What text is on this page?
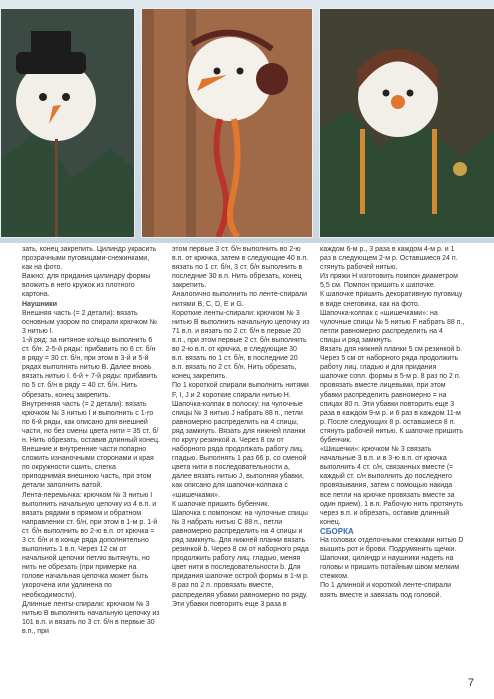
зать, конец закрепить. Цилиндр украсить прозрачными пуговицами-снежинками, как на фото.

Важно: для придания цилиндру формы вложить в него кружок из плотного картона.

Наушники

Внешняя часть (= 2 детали): вязать основным узором по спирали крючком № 3 нитью I.

1-й ряд: за нитяное кольцо выполнить 6 ст. б/н. 2-5-й ряды: прибавить по 6 ст. б/н в ряду = 30 ст. б/н, при этом в 3-й и 5-й рядах выполнять нитью B. Далее вновь вязать нитью I. 6-й + 7-й ряды: прибавить по 5 ст. б/н в ряду = 40 ст. б/н. Нить обрезать, конец закрепить.

Внутренняя часть (= 2 детали): вязать крючком № 3 нитью I и выполнить с 1-го по 6-й ряды, как описано для внешней части, но без смены цвета нити = 35 ст. б/н. Нить обрезать, оставив длинный конец.

Внешние и внутренние части попарно сложить изнаночными сторонами и края по окружности сшить, слегка приподнимая внешнюю часть, при этом детали заполнить ватой.

Лента-перемычка: крючком № 3 нитью I выполнить начальную цепочку из 4 в.п. и вязать рядами в прямом и обратном направлении ст. б/н, при этом в 1-м р. 1-й ст. б/н выполнить во 2-ю в.п. от крючка = 3 ст. б/н и в конце ряда дополнительно выполнить 1 в.п. Через 12 см от начальной цепочки петлю вытянуть, но нить не обрезать (при примерке на голове начальная цепочка может быть укорочена или удлинена по необходимости).

Длинные ленты-спирали: крючком № 3 нитью B выполнить начальную цепочку из 101 в.п. и вязать по 3 ст. б/н в первые 30 в.п., при

этом первые 3 ст. б/н выполнить во 2-ю в.п. от крючка, затем в следующие 40 в.п. вязать по 1 ст. б/н, 3 ст. б/н выполнить в последние 30 в.п. Нить обрезать, конец закрепить.

Аналогично выполнить по ленте-спирали нитями B, C, D, E и G.

Короткие ленты-спирали: крючком № 3 нитью B выполнить начальную цепочку из 71 в.п. и вязать по 2 ст. б/н в первые 20 в.п., при этом первые 2 ст. б/н выполнить во 2-ю в.п. от крючка, в следующие 30 в.п. вязать по 1 ст. б/н, в последние 20 в.п. вязать по 2 ст. б/н. Нить обрезать, конец закрепить.

По 1 короткой спирали выполнить нитями F, I, J и 2 короткие спирали нитью H.

Шапочка-колпак в полоску: на чулочные спицы № 3 нитью J набрать 88 п., петли равномерно распределить на 4 спицы, ряд замкнуть. Вязать для нижней планки по кругу резинкой а. Через 8 см от наборного ряда продолжать работу лиц. гладью. Выполнять 1 раз 66 р. со сменой цвета нити в последовательности a, далее вязать нитью J, выполняя убавки, как описано для шапочки-колпака с «шишечками».

К шапочке пришить бубенчик.

Шапочка с помпоном: на чулочные спицы № 3 набрать нитью C 88 п., петли равномерно распределить на 4 спицы и ряд замкнуть. Для нижней планки вязать резинкой b. Через 8 см от наборного ряда продолжить работу лиц. гладью, меняя цвет нити в последовательности b. Для придания шапочке острой формы в 1-м р. 8 раз по 2 п. провязать вместе, распределяя убавки равномерно по ряду. Эти убавки повторить еще 3 раза в

каждом 6-м р., 3 раза в каждом 4-м р. и 1 раз в следующем 2-м р. Оставшиеся 24 п. стянуть рабочей нитью.

Из пряжи H изготовить помпон диаметром 5,5 см. Помпон пришить к шапочке.

К шапочке пришить декоративную пуговицу в виде снеговика, как на фото.

Шапочка-колпак с «шишечками»: на чулочные спицы № 5 нитью F набрать 88 п., петли равномерно распределить на 4 спицы и ряд замкнуть.

Вязать для нижней планки 5 см резинкой b. Через 5 см от наборного ряда продолжить работу лиц. гладью и для придания шапочке сопл. формы в 5-м р. 8 раз по 2 п. провязать вместе лицевыми, при этом убавки распределить равномерно = на спицах 80 п. Эти убавки повторить еще 3 раза в каждом 9-м р. и 6 раз в каждом 11-м р. После следующих 8 р. оставшиеся 8 п. стянуть рабочей нитью. К шапочке пришить бубенчик.

«Шишечки»: крючком № 3 связать начальные 3 в.п. и в 3-ю в.п. от крючка выполнить 4 ст. с/н, связанных вместе (= каждый ст. с/н выполнить до последнего провязывания, затем с помощью накида все петли на крючке провязать вместе за один прием). 1 в.п. Рабочую нить протянуть через в.п. и обрезать, оставив длинный конец.

СБОРКА

На головах отделочными стежками нитью D вышить рот и брови. Подрумянить щечки. Шапочки, цилиндр и наушники надеть на головы и пришить потайным швом мелким стежком.

По 1 длинной и короткой ленте-спирали взять вместе и завязать под головой.

7
